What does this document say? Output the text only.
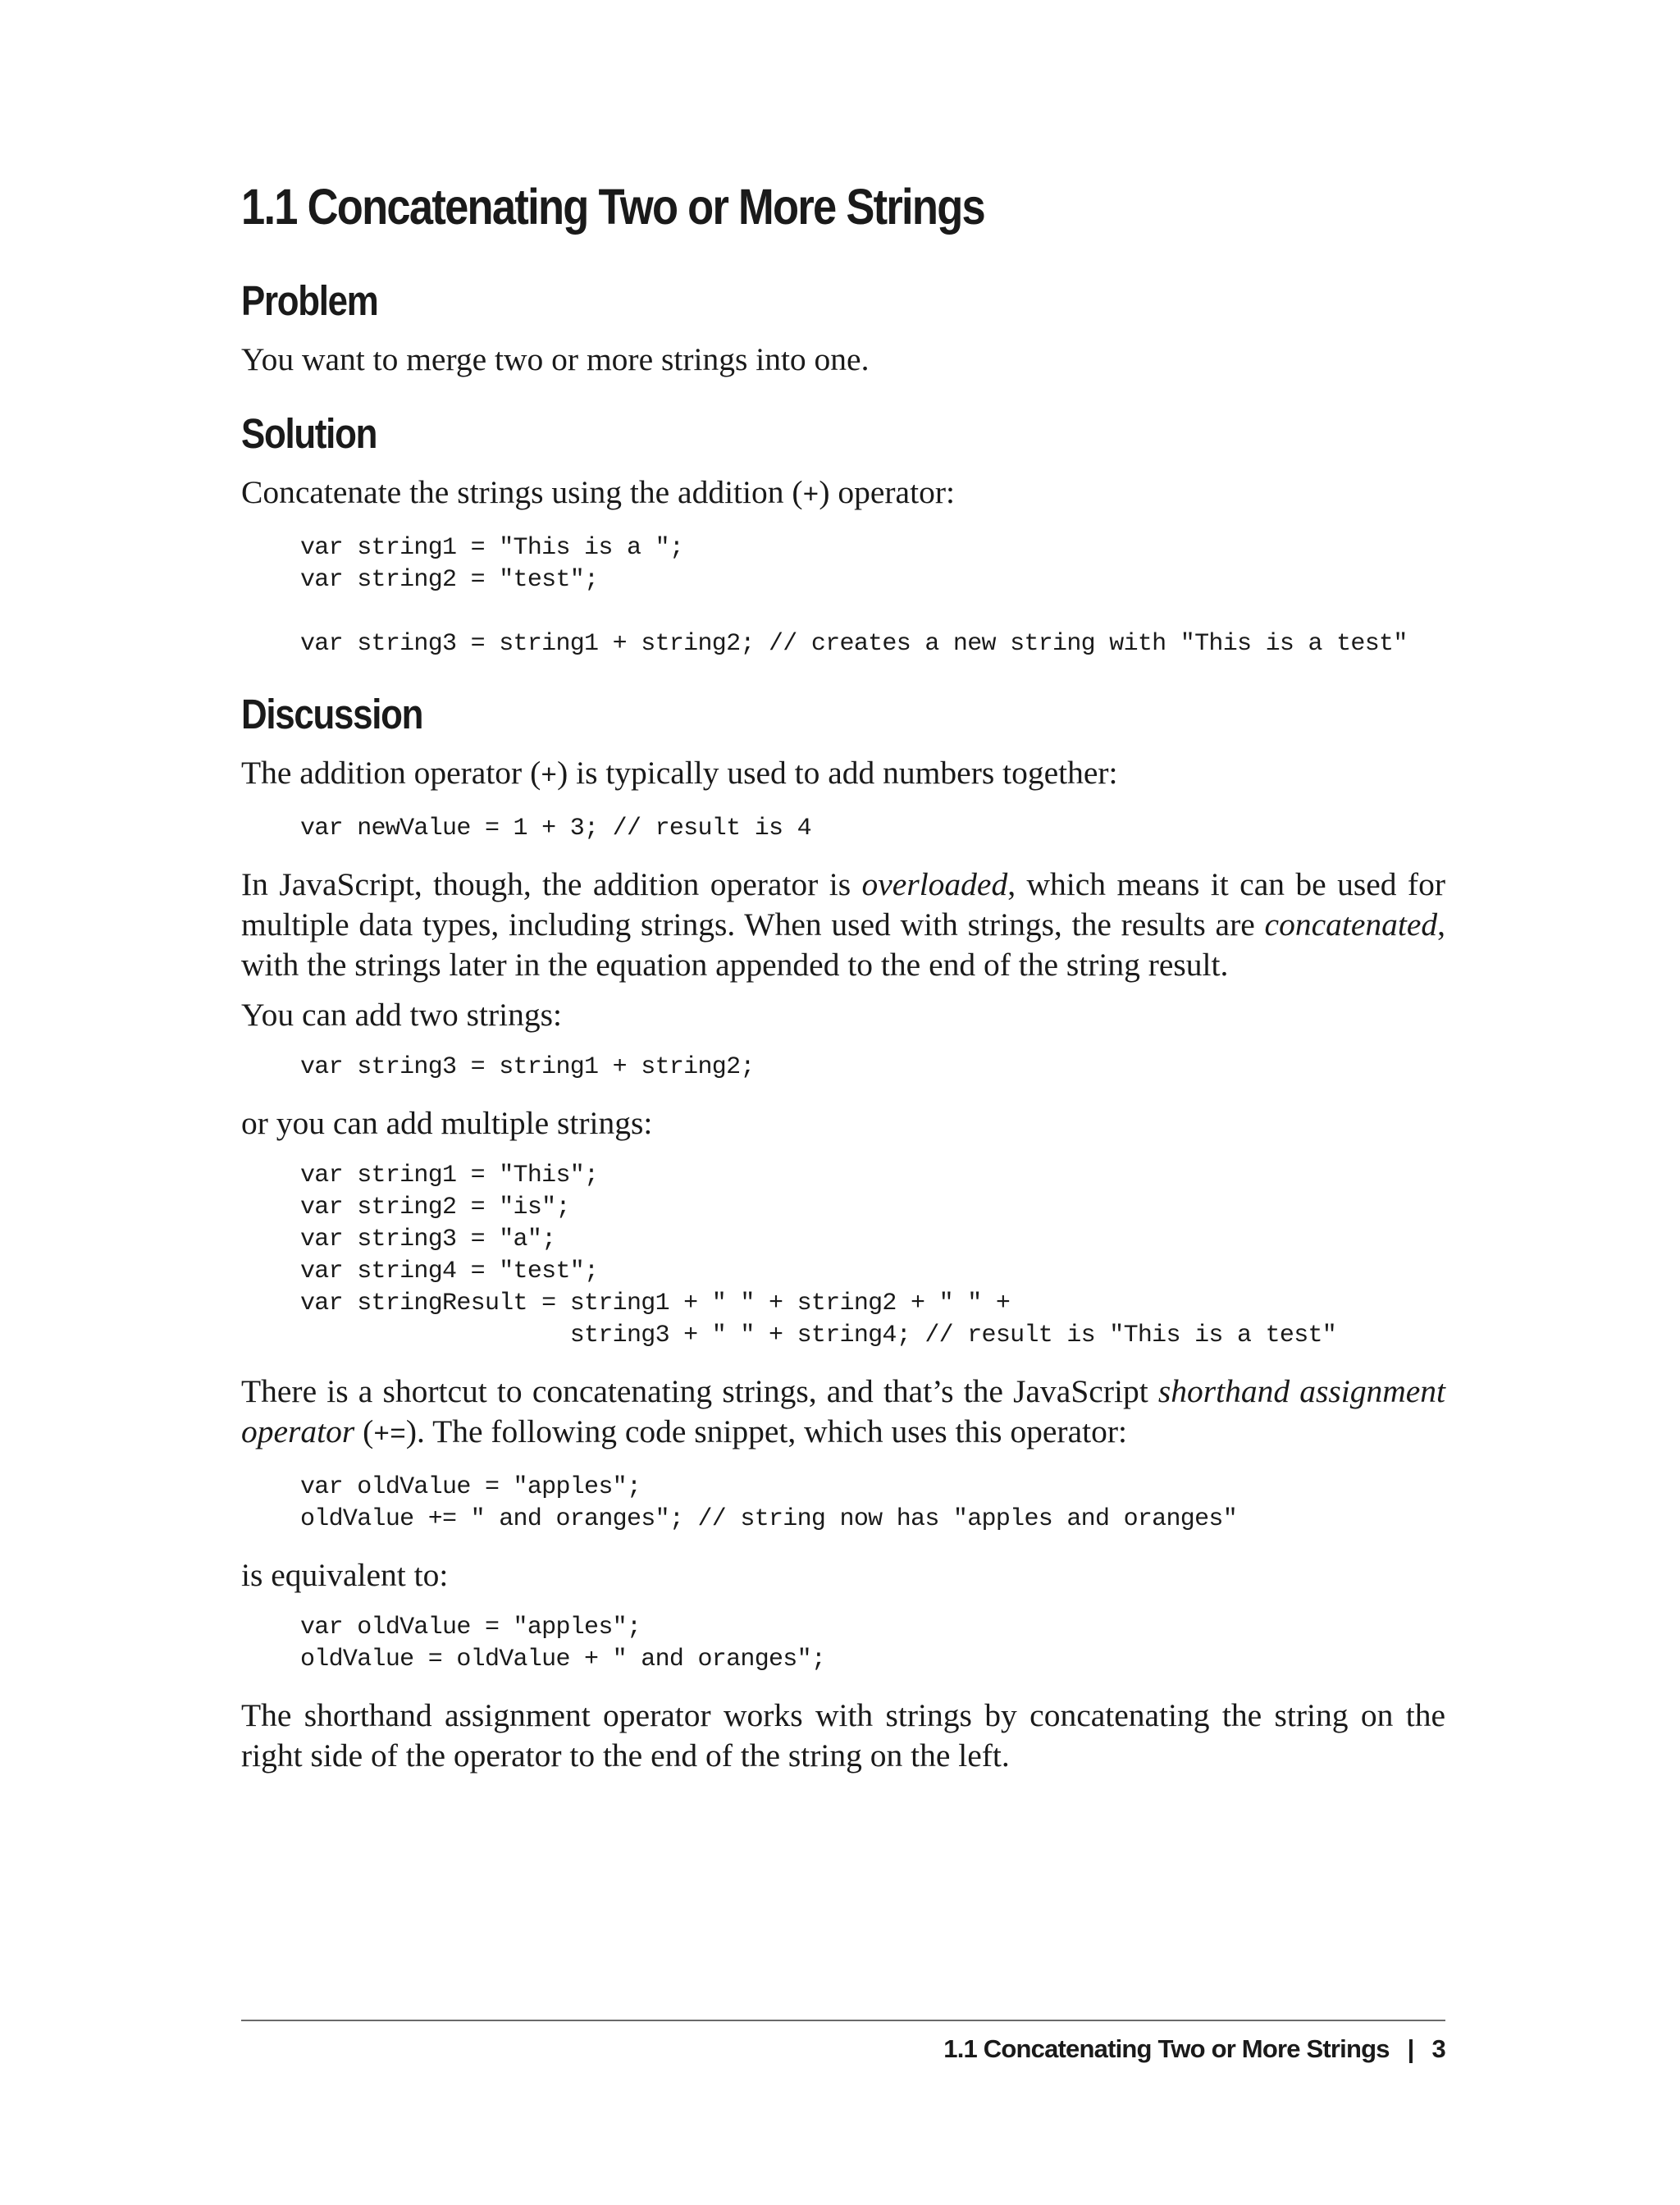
1.1 Concatenating Two or More Strings
Problem

You want to merge two or more strings into one.

Solution

Concatenate the strings using the addition (+) operator:

var string1 = "This is a ";
var string2 = "test";

var string3 = string1 + string2; // creates a new string with "This is a test"
Discussion

The addition operator (+) is typically used to add numbers together:

var newValue = 1 + 3; // result is 4

In JavaScript, though, the addition operator is overloaded, which means it can be used for multiple data types, including strings. When used with strings, the results are concatenated, with the strings later in the equation appended to the end of the string result.

You can add two strings:

var string3 = string1 + string2;

or you can add multiple strings:

var string1 = "This";
var string2 = "is";
var string3 = "a";
var string4 = "test";
var stringResult = string1 + " " + string2 + " " +
string3 + " " + string4; // result is "This is a test"

There is a shortcut to concatenating strings, and that’s the JavaScript shorthand assignment operator (+=). The following code snippet, which uses this operator:

var oldValue = "apples";
oldValue += " and oranges"; // string now has "apples and oranges"

is equivalent to:

var oldValue = "apples";
oldValue = oldValue + " and oranges";

The shorthand assignment operator works with strings by concatenating the string on the right side of the operator to the end of the string on the left.

1.1 Concatenating Two or More Strings | 3
